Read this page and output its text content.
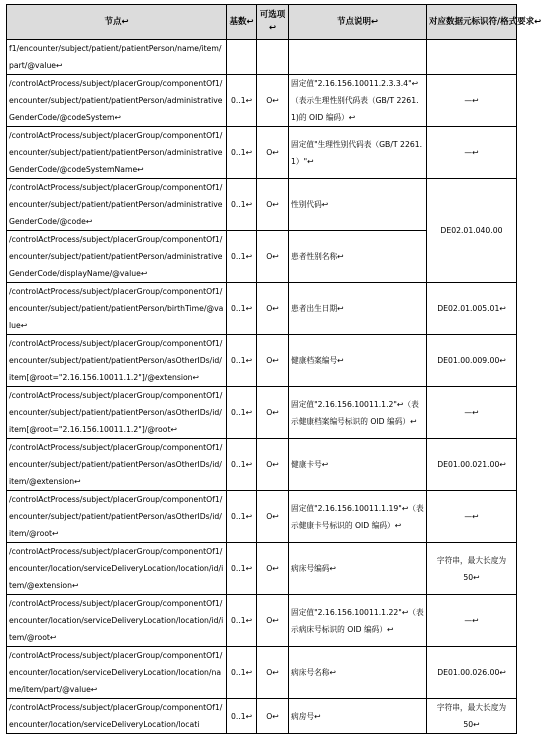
节点↩	基数↩	可选项↩	节点说明↩	对应数据元标识符/格式要求↩
f1/encounter/subject/patient/patientPerson/name/item/part/@value↩				
/controlActProcess/subject/placerGroup/componentOf1/encounter/subject/patient/patientPerson/administrativeGenderCode/@codeSystem↩	0..1↩	O↩	固定值"2.16.156.10011.2.3.3.4"↩（表示生理性别代码表（GB/T 2261.1)的 OID 编码）↩	—↩
/controlActProcess/subject/placerGroup/componentOf1/encounter/subject/patient/patientPerson/administrativeGenderCode/@codeSystemName↩	0..1↩	O↩	固定值"生理性别代码表（GB/T 2261.1）"↩	—↩
/controlActProcess/subject/placerGroup/componentOf1/encounter/subject/patient/patientPerson/administrativeGenderCode/@code↩	0..1↩	O↩	性别代码↩	DE02.01.040.00
/controlActProcess/subject/placerGroup/componentOf1/encounter/subject/patient/patientPerson/administrativeGenderCode/displayName/@value↩	0..1↩	O↩	患者性别名称↩	
/controlActProcess/subject/placerGroup/componentOf1/encounter/subject/patient/patientPerson/birthTime/@value↩	0..1↩	O↩	患者出生日期↩	DE02.01.005.01↩
/controlActProcess/subject/placerGroup/componentOf1/encounter/subject/patient/patientPerson/asOtherIDs/id/item[@root="2.16.156.10011.1.2"]/@extension↩	0..1↩	O↩	健康档案编号↩	DE01.00.009.00↩
/controlActProcess/subject/placerGroup/componentOf1/encounter/subject/patient/patientPerson/asOtherIDs/id/item[@root="2.16.156.10011.1.2"]/@root↩	0..1↩	O↩	固定值"2.16.156.10011.1.2"↩（表示健康档案编号标识的 OID 编码）↩	—↩
/controlActProcess/subject/placerGroup/componentOf1/encounter/subject/patient/patientPerson/asOtherIDs/id/item/@extension↩	0..1↩	O↩	健康卡号↩	DE01.00.021.00↩
/controlActProcess/subject/placerGroup/componentOf1/encounter/subject/patient/patientPerson/asOtherIDs/id/item/@root↩	0..1↩	O↩	固定值"2.16.156.10011.1.19"↩（表示健康卡号标识的 OID 编码）↩	—↩
/controlActProcess/subject/placerGroup/componentOf1/encounter/location/serviceDeliveryLocation/location/id/item/@extension↩	0..1↩	O↩	病床号编码↩	字符串，最大长度为 50↩
/controlActProcess/subject/placerGroup/componentOf1/encounter/location/serviceDeliveryLocation/location/id/item/@root↩	0..1↩	O↩	固定值"2.16.156.10011.1.22"↩（表示病床号标识的 OID 编码）↩	—↩
/controlActProcess/subject/placerGroup/componentOf1/encounter/location/serviceDeliveryLocation/location/name/item/part/@value↩	0..1↩	O↩	病床号名称↩	DE01.00.026.00↩
/controlActProcess/subject/placerGroup/componentOf1/encounter/location/serviceDeliveryLocation/locati	0..1↩	O↩	病房号↩	字符串，最大长度为 50↩
